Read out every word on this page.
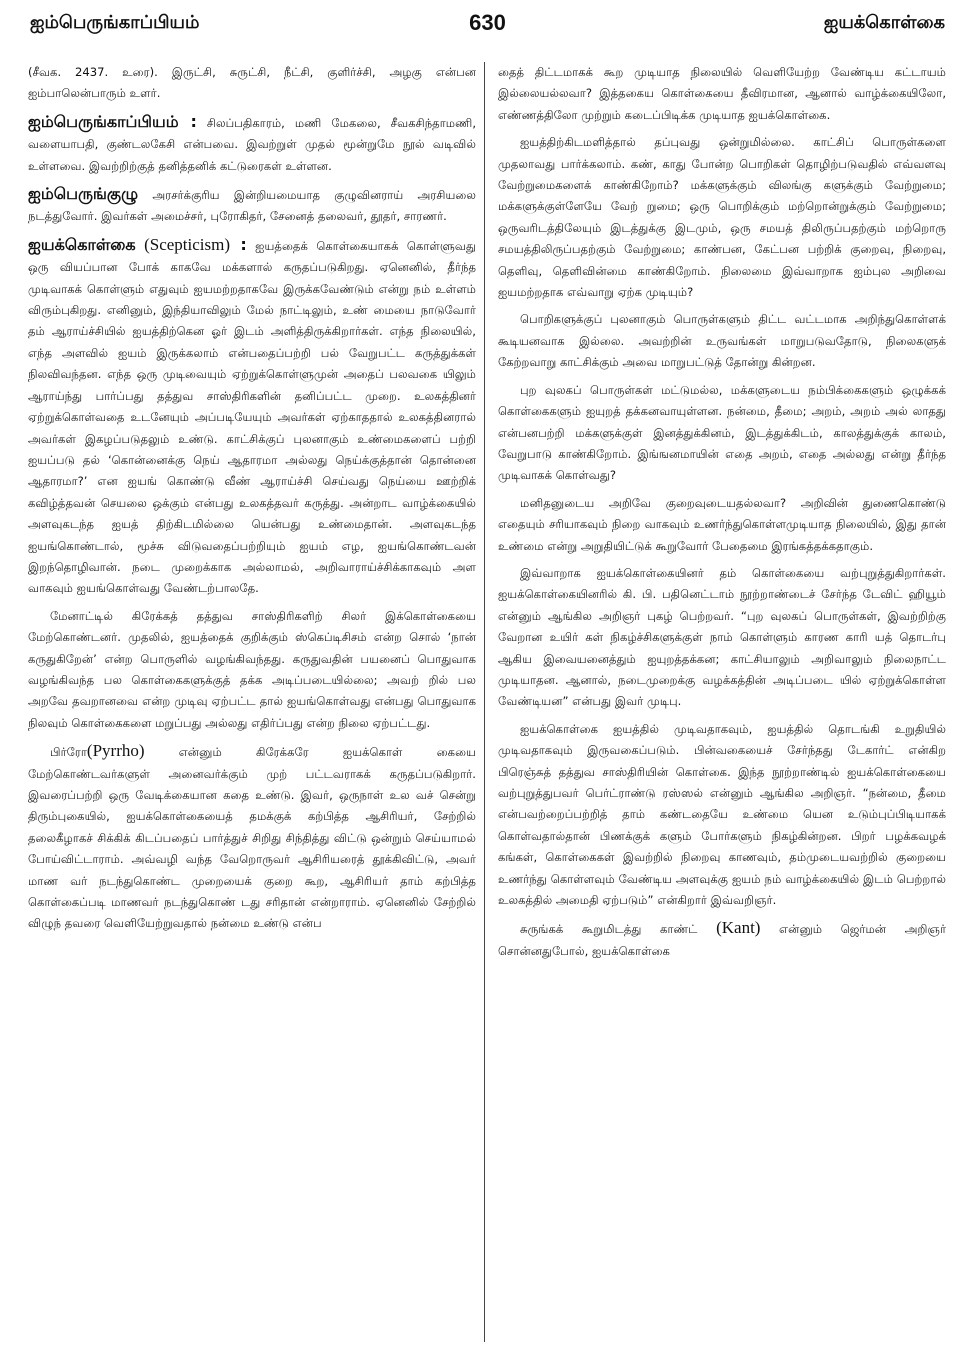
ஐம்பெருங்காப்பியம்	630	ஐயக்கொள்கை

(சீவக. 2437. உரை). இருட்சி, சுருட்சி, நீட்சி, குளிர்ச்சி, அழகு என்பன ஐம்பாலென்பாரும் உளர்.

ஐம்பெருங்காப்பியம் : சிலப்பதிகாரம், மணி மேகலை, சீவகசிந்தாமணி, வளையாபதி, குண்டலகேசி என்பவை. இவற்றுள் முதல் மூன்றுமே நூல் வடிவில் உள்ளவை. இவற்றிற்குத் தனித்தனிக் கட்டுரைகள் உள்ளன.

ஐம்பெருங்குழு அரசர்க்குரிய இன்றியமையாத குழுவினராய் அரசியலை நடத்துவோர். இவர்கள் அமைச்சர், புரோகிதர், சேனைத் தலைவர், தூதர், சாரணர்.

ஐயக்கொள்கை (Scepticism) : ஐயத்தைக் கொள்கையாகக் கொள்ளுவது ஒரு வியப்பான போக் காகவே மக்களால் கருதப்படுகிறது. ஏனெனில், தீர்ந்த முடிவாகக் கொள்ளும் எதுவும் ஐயமற்றதாகவே இருக்கவேண்டும் என்று நம் உள்ளம் விரும்புகிறது. எனினும், இந்தியாவிலும் மேல் நாட்டிலும், உண் மையை நாடுவோர் தம் ஆராய்ச்சியில் ஐயத்திற்கென ஓர் இடம் அளித்திருக்கிறார்கள். எந்த நிலையில், எந்த அளவில் ஐயம் இருக்கலாம் என்பதைப்பற்றி பல் வேறுபட்ட கருத்துக்கள் நிலவிவந்தன. எந்த ஒரு முடிவையும் ஏற்றுக்கொள்ளுமுன் அதைப் பலவகை யிலும் ஆராய்ந்து பார்ப்பது தத்துவ சாஸ்திரிகளின் தனிப்பட்ட முறை. உலகத்தினர் ஏற்றுக்கொள்வதை உடனேயும் அப்படியேயும் அவர்கள் ஏற்காததால் உலகத்தினரால் அவர்கள் இகழப்படுதலும் உண்டு. காட்சிக்குப் புலனாகும் உண்மைகளைப் பற்றி ஐயப்படு தல் ‘கொன்னைக்கு நெய் ஆதாரமா அல்லது நெய்க்குத்தான் தொன்னை ஆதாரமா?’ என ஐயங் கொண்டு வீண் ஆராய்ச்சி செய்வது நெய்யை ஊற்றிக் கவிழ்த்தவன் செயலை ஒக்கும் என்பது உலகத்தவர் கருத்து. அன்றாட வாழ்க்கையில் அளவுகடந்த ஐயத் திற்கிடமில்லை யென்பது உண்மைதான். அளவுகடந்த ஐயங்கொண்டால், மூச்சு விடுவதைப்பற்றியும் ஐயம் எழ, ஐயங்கொண்டவன் இறந்தொழிவான். நடை முறைக்காக அல்லாமல், அறிவாராய்ச்சிக்காகவும் அள வாகவும் ஐயங்கொள்வது வேண்டற்பாலதே.

மேனாட்டில் கிரேக்கத் தத்துவ சாஸ்திரிகளிற் சிலர் இக்கொள்கையை மேற்கொண்டனர். முதலில், ஐயத்தைக் குறிக்கும் ஸ்கெப்டிசிசம் என்ற சொல் ‘நான் கருதுகிறேன்’ என்ற பொருளில் வழங்கிவந்தது. கருதுவதின் பயனைப் பொதுவாக வழங்கிவந்த பல கொள்கைகளுக்குத் தக்க அடிப்படையில்லை; அவற் றில் பல அறவே தவறானவை என்ற முடிவு ஏற்பட்ட தால் ஐயங்கொள்வது என்பது பொதுவாக நிலவும் கொள்கைகளை மறுப்பது அல்லது எதிர்ப்பது என்ற நிலை ஏற்பட்டது.

பிர்ரோ(Pyrrho) என்னும் கிரேக்கரே ஐயக்கொள் கையை மேற்கொண்டவர்களுள் அனைவர்க்கும் முற் பட்டவராகக் கருதப்படுகிறார். இவரைப்பற்றி ஒரு வேடிக்கையான கதை உண்டு. இவர், ஒருநாள் உல வச் சென்று திரும்புகையில், ஐயக்கொள்கையைத் தமக்குக் கற்பித்த ஆசிரியர், சேற்றில் தலைகீழாகச் சிக்கிக் கிடப்பதைப் பார்த்துச் சிறிது சிந்தித்து விட்டு ஒன்றும் செய்யாமல் போய்விட்டாராம். அவ்வழி வந்த வேறொருவர் ஆசிரியரைத் தூக்கிவிட்டு, அவர் மாண வர் நடந்துகொண்ட முறையைக் குறை கூற, ஆசிரியர் தாம் கற்பித்த கொள்கைப்படி மாணவர் நடந்துகொண் டது சரிதான் என்றாராம். ஏனெனில் சேற்றில் விழுந் தவரை வெளியேற்றுவதால் நன்மை உண்டு என்ப

தைத் திட்டமாகக் கூற முடியாத நிலையில் வெளியேற்ற வேண்டிய கட்டாயம் இல்லையல்லவா? இத்தகைய கொள்கையை தீவிரமான, ஆனால் வாழ்க்கையிலோ, எண்ணத்திலோ முற்றும் கடைப்பிடிக்க முடியாத ஐயக்கொள்கை.

ஐயத்திற்கிடமளித்தால் தப்புவது ஒன்றுமில்லை. காட்சிப் பொருள்களை முதலாவது பார்க்கலாம். கண், காது போன்ற பொறிகள் தொழிற்படுவதில் எவ்வளவு வேற்றுமைகளைக் காண்கிறோம்? மக்களுக்கும் விலங்கு களுக்கும் வேற்றுமை; மக்களுக்குள்ளேயே வேற் றுமை; ஒரு பொறிக்கும் மற்றொன்றுக்கும் வேற்றுமை; ஒருவரிடத்திலேயும் இடத்துக்கு இடமும், ஒரு சமயத் திலிருப்பதற்கும் மற்றொரு சமயத்திலிருப்பதற்கும் வேற்றுமை; காண்பன, கேட்பன பற்றிக் குறைவு, நிறைவு, தெளிவு, தெளிவின்மை காண்கிறோம். நிலைமை இவ்வாறாக ஐம்புல அறிவை ஐயமற்றதாக எவ்வாறு ஏற்க முடியும்?

பொறிகளுக்குப் புலனாகும் பொருள்களும் திட்ட வட்டமாக அறிந்துகொள்ளக் கூடியனவாக இல்லை. அவற்றின் உருவங்கள் மாறுபடுவதோடு, நிலைகளுக் கேற்றவாறு காட்சிக்கும் அவை மாறுபட்டுத் தோன்று கின்றன.

புற வுலகப் பொருள்கள் மட்டுமல்ல, மக்களுடைய நம்பிக்கைகளும் ஒழுக்கக் கொள்கைகளும் ஐயுறத் தக்கனவாயுள்ளன. நன்மை, தீமை; அறம், அறம் அல் லாதது என்பனபற்றி மக்களுக்குள் இனத்துக்கினம், இடத்துக்கிடம், காலத்துக்குக் காலம், வேறுபாடு காண்கிறோம். இங்ஙனமாயின் எதை அறம், எதை அல்லது என்று தீர்ந்த முடிவாகக் கொள்வது?

மனிதனுடைய அறிவே குறைவுடையதல்லவா? அறிவின் துணைகொண்டு எதையும் சரியாகவும் நிறை வாகவும் உணர்ந்துகொள்ளமுடியாத நிலையில், இது தான் உண்மை என்று அறுதியிட்டுக் கூறுவோர் பேதைமை இரங்கத்தக்கதாகும்.

இவ்வாறாக ஐயக்கொள்கையினர் தம் கொள்கையை வற்புறுத்துகிறார்கள். ஐயக்கொள்கையினரில் கி. பி. பதினெட்டாம் நூற்றாண்டைச் சேர்ந்த டேவிட் ஹியூம் என்னும் ஆங்கில அறிஞர் புகழ் பெற்றவர். “புற வுலகப் பொருள்கள், இவற்றிற்கு வேறான உயிர் கள் நிகழ்ச்சிகளுக்குள் நாம் கொள்ளும் காரண காரி யத் தொடர்பு ஆகிய இவையனைத்தும் ஐயுறத்தக்கன; காட்சியாலும் அறிவாலும் நிலைநாட்ட முடியாதன. ஆனால், நடைமுறைக்கு வழக்கத்தின் அடிப்படை யில் ஏற்றுக்கொள்ள வேண்டியன” என்பது இவர் முடிபு.

ஐயக்கொள்கை ஐயத்தில் முடிவதாகவும், ஐயத்தில் தொடங்கி உறுதியில் முடிவதாகவும் இருவகைப்படும். பின்வகையைச் சேர்ந்தது டேகார்ட் என்கிற பிரெஞ்சுத் தத்துவ சாஸ்திரியின் கொள்கை. இந்த நூற்றாண்டில் ஐயக்கொள்கையை வற்புறுத்துபவர் பெர்ட்ராண்டு ரஸ்ஸல் என்னும் ஆங்கில அறிஞர். “நன்மை, தீமை என்பவற்றைப்பற்றித் தாம் கண்டதையே உண்மை யென உடும்புப்பிடியாகக் கொள்வதால்தான் பிணக்குக் களும் போர்களும் நிகழ்கின்றன. பிறர் பழக்கவழக் கங்கள், கொள்கைகள் இவற்றில் நிறைவு காணவும், தம்முடையவற்றில் குறையை உணர்ந்து கொள்ளவும் வேண்டிய அளவுக்கு ஐயம் நம் வாழ்க்கையில் இடம் பெற்றால் உலகத்தில் அமைதி ஏற்படும்” என்கிறார் இவ்வறிஞர்.

சுருங்கக் கூறுமிடத்து காண்ட் (Kant) என்னும் ஜெர்மன் அறிஞர் சொன்னதுபோல், ஐயக்கொள்கை
